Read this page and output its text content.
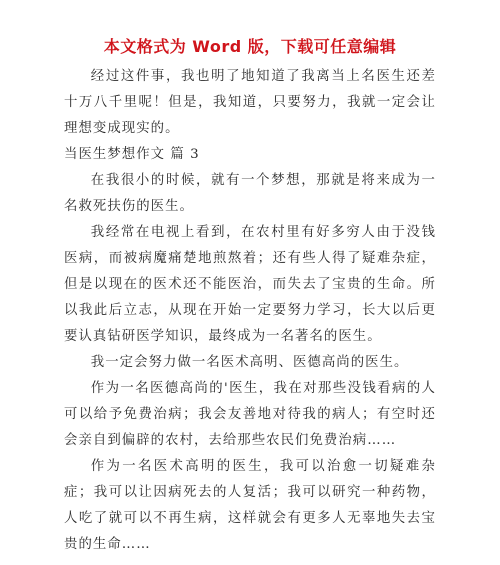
本文格式为 Word 版，下载可任意编辑

经过这件事，我也明了地知道了我离当上名医生还差十万八千里呢！但是，我知道，只要努力，我就一定会让理想变成现实的。

当医生梦想作文 篇 3

在我很小的时候，就有一个梦想，那就是将来成为一名救死扶伤的医生。

我经常在电视上看到，在农村里有好多穷人由于没钱医病，而被病魔痛楚地煎熬着；还有些人得了疑难杂症，但是以现在的医术还不能医治，而失去了宝贵的生命。所以我此后立志，从现在开始一定要努力学习，长大以后更要认真钻研医学知识，最终成为一名著名的医生。

我一定会努力做一名医术高明、医德高尚的医生。

作为一名医德高尚的'医生，我在对那些没钱看病的人可以给予免费治病；我会友善地对待我的病人；有空时还会亲自到偏辟的农村，去给那些农民们免费治病……

作为一名医术高明的医生，我可以治愈一切疑难杂症；我可以让因病死去的人复活；我可以研究一种药物，人吃了就可以不再生病，这样就会有更多人无辜地失去宝贵的生命……
